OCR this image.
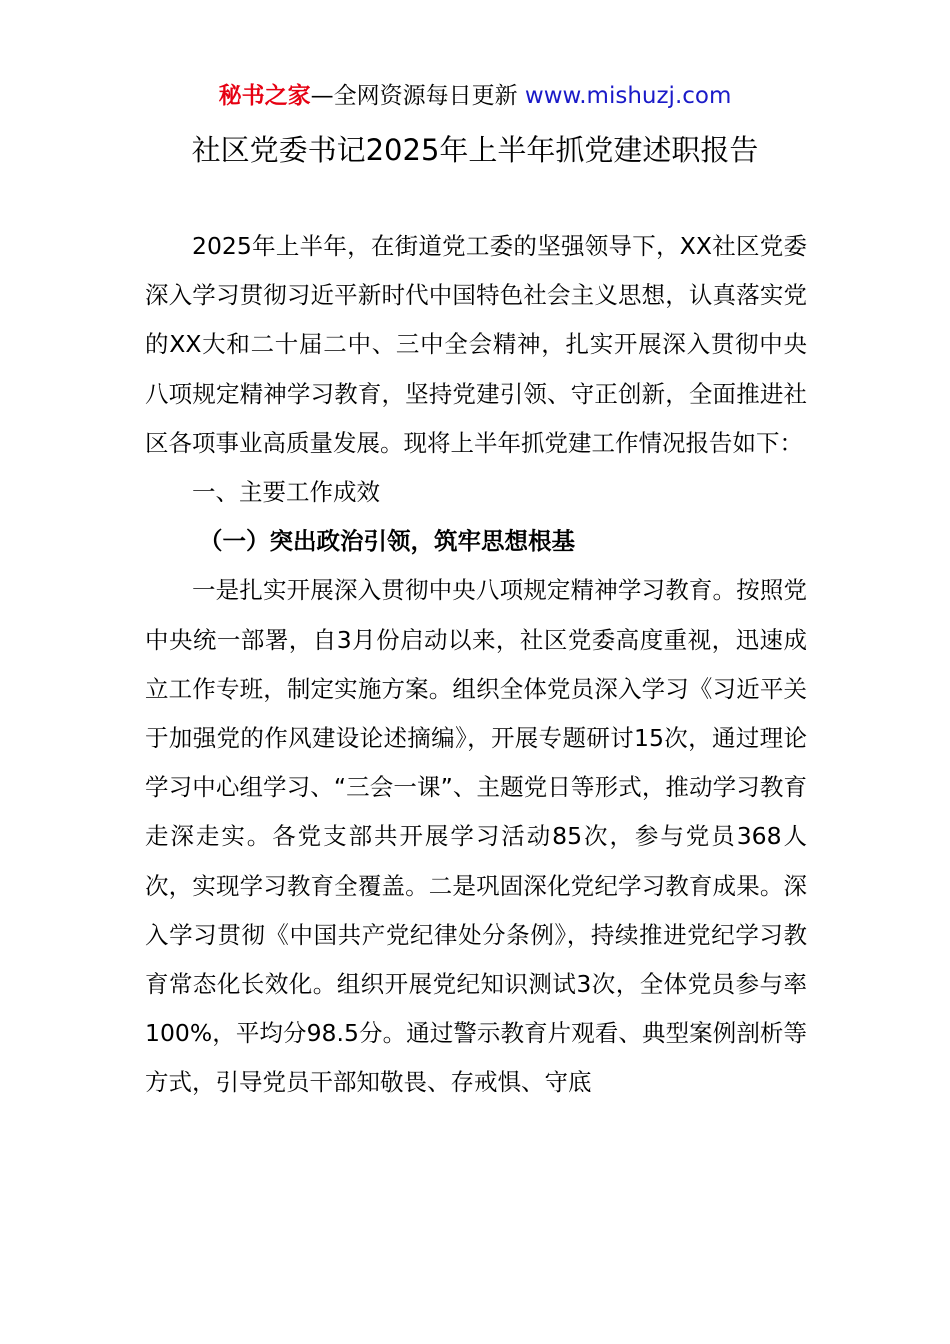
秘书之家—全网资源每日更新 www.mishuzj.com
社区党委书记2025年上半年抓党建述职报告

2025年上半年，在街道党工委的坚强领导下，XX社区党委深入学习贯彻习近平新时代中国特色社会主义思想，认真落实党的XX大和二十届二中、三中全会精神，扎实开展深入贯彻中央八项规定精神学习教育，坚持党建引领、守正创新，全面推进社区各项事业高质量发展。现将上半年抓党建工作情况报告如下：

一、主要工作成效

（一）突出政治引领，筑牢思想根基

一是扎实开展深入贯彻中央八项规定精神学习教育。按照党中央统一部署，自3月份启动以来，社区党委高度重视，迅速成立工作专班，制定实施方案。组织全体党员深入学习《习近平关于加强党的作风建设论述摘编》，开展专题研讨15次，通过理论学习中心组学习、“三会一课”、主题党日等形式，推动学习教育走深走实。各党支部共开展学习活动85次，参与党员368人次，实现学习教育全覆盖。二是巩固深化党纪学习教育成果。深入学习贯彻《中国共产党纪律处分条例》，持续推进党纪学习教育常态化长效化。组织开展党纪知识测试3次，全体党员参与率100%，平均分98.5分。通过警示教育片观看、典型案例剖析等方式，引导党员干部知敬畏、存戒惧、守底
